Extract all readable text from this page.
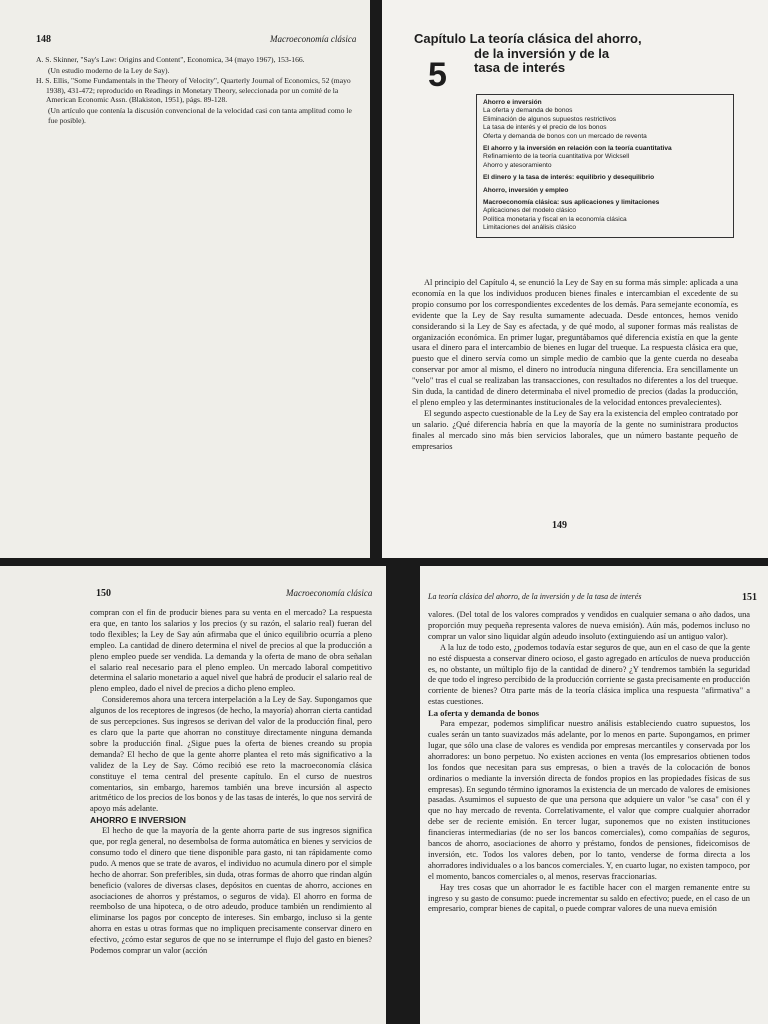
148	Macroeconomía clásica

A. S. Skinner, "Say's Law: Origins and Content", Economica, 34 (mayo 1967), 153-166.

(Un estudio moderno de la Ley de Say).

H. S. Ellis, "Some Fundamentals in the Theory of Velocity", Quarterly Journal of Economics, 52 (mayo 1938), 431-472; reproducido en Readings in Monetary Theory, seleccionada por un comité de la American Economic Assn. (Blakiston, 1951), págs. 89-128.

(Un artículo que contenía la discusión convencional de la velocidad casi con tanta amplitud como le fue posible).

Capítulo La teoría clásica del ahorro,
de la inversión y de la
tasa de interés
5
Ahorro e inversión
La oferta y demanda de bonos
Eliminación de algunos supuestos restrictivos
La tasa de interés y el precio de los bonos
Oferta y demanda de bonos con un mercado de reventa
El ahorro y la inversión en relación con la teoría cuantitativa
Refinamiento de la teoría cuantitativa por Wicksell
Ahorro y atesoramiento
El dinero y la tasa de interés: equilibrio y desequilibrio
Ahorro, inversión y empleo
Macroeconomía clásica: sus aplicaciones y limitaciones
Aplicaciones del modelo clásico
Política monetaria y fiscal en la economía clásica
Limitaciones del análisis clásico

Al principio del Capítulo 4, se enunció la Ley de Say en su forma más simple: aplicada a una economía en la que los individuos producen bienes finales e intercambian el excedente de su propio consumo por los correspondientes excedentes de los demás. Para semejante economía, es evidente que la Ley de Say resulta sumamente adecuada. Desde entonces, hemos venido considerando si la Ley de Say es afectada, y de qué modo, al suponer formas más realistas de organización económica. En primer lugar, preguntábamos qué diferencia existía en que la gente usara el dinero para el intercambio de bienes en lugar del trueque. La respuesta clásica era que, puesto que el dinero servía como un simple medio de cambio que la gente cuerda no deseaba conservar por amor al mismo, el dinero no introducía ninguna diferencia. Era sencillamente un "velo" tras el cual se realizaban las transacciones, con resultados no diferentes a los del trueque. Sin duda, la cantidad de dinero determinaba el nivel promedio de precios (dadas la producción, el pleno empleo y las determinantes institucionales de la velocidad entonces prevalecientes).

El segundo aspecto cuestionable de la Ley de Say era la existencia del empleo contratado por un salario. ¿Qué diferencia habría en que la mayoría de la gente no suministrara productos finales al mercado sino más bien servicios laborales, que un número bastante pequeño de empresarios

149
150	Macroeconomía clásica

compran con el fin de producir bienes para su venta en el mercado? La respuesta era que, en tanto los salarios y los precios (y su razón, el salario real) fueran del todo flexibles; la Ley de Say aún afirmaba que el único equilibrio ocurría a pleno empleo. La cantidad de dinero determina el nivel de precios al que la producción a pleno empleo puede ser vendida. La demanda y la oferta de mano de obra señalan el salario real necesario para el pleno empleo. Un mercado laboral competitivo determina el salario monetario a aquel nivel que habrá de producir el salario real de pleno empleo, dado el nivel de precios a dicho pleno empleo.

Consideremos ahora una tercera interpelación a la Ley de Say. Supongamos que algunos de los receptores de ingresos (de hecho, la mayoría) ahorran cierta cantidad de sus percepciones. Sus ingresos se derivan del valor de la producción final, pero es claro que la parte que ahorran no constituye directamente ninguna demanda sobre la producción final. ¿Sigue pues la oferta de bienes creando su propia demanda? El hecho de que la gente ahorre plantea el reto más significativo a la validez de la Ley de Say. Cómo recibió ese reto la macroeconomía clásica constituye el tema central del presente capítulo. En el curso de nuestros comentarios, sin embargo, haremos también una breve incursión al aspecto aritmético de los precios de los bonos y de las tasas de interés, lo que nos servirá de apoyo más adelante.

AHORRO E INVERSION

El hecho de que la mayoría de la gente ahorra parte de sus ingresos significa que, por regla general, no desembolsa de forma automática en bienes y servicios de consumo todo el dinero que tiene disponible para gasto, ni tan rápidamente como pudo. A menos que se trate de avaros, el individuo no acumula dinero por el simple hecho de ahorrar. Son preferibles, sin duda, otras formas de ahorro que rindan algún beneficio (valores de diversas clases, depósitos en cuentas de ahorro, acciones en asociaciones de ahorros y préstamos, o seguros de vida). El ahorro en forma de reembolso de una hipoteca, o de otro adeudo, produce también un rendimiento al eliminarse los pagos por concepto de intereses. Sin embargo, incluso si la gente ahorra en estas u otras formas que no impliquen precisamente conservar dinero en efectivo, ¿cómo estar seguros de que no se interrumpe el flujo del gasto en bienes? Podemos comprar un valor (acción

La teoría clásica del ahorro, de la inversión y de la tasa de interés	151

valores. (Del total de los valores comprados y vendidos en cualquier semana o año dados, una proporción muy pequeña representa valores de nueva emisión). Aún más, podemos incluso no comprar un valor sino liquidar algún adeudo insoluto (extinguiendo así un antiguo valor).

A la luz de todo esto, ¿podemos todavía estar seguros de que, aun en el caso de que la gente no esté dispuesta a conservar dinero ocioso, el gasto agregado en artículos de nueva producción es, no obstante, un múltiplo fijo de la cantidad de dinero? ¿Y tendremos también la seguridad de que todo el ingreso percibido de la producción corriente se gasta precisamente en producción corriente de bienes? Otra parte más de la teoría clásica implica una respuesta "afirmativa" a estas cuestiones.

La oferta y demanda de bonos

Para empezar, podemos simplificar nuestro análisis estableciendo cuatro supuestos, los cuales serán un tanto suavizados más adelante, por lo menos en parte. Supongamos, en primer lugar, que sólo una clase de valores es vendida por empresas mercantiles y conservada por los ahorradores: un bono perpetuo. No existen acciones en venta (los empresarios obtienen todos los fondos que necesitan para sus empresas, o bien a través de la colocación de bonos ordinarios o mediante la inversión directa de fondos propios en las propiedades físicas de sus empresas). En segundo término ignoramos la existencia de un mercado de valores de emisiones pasadas. Asumimos el supuesto de que una persona que adquiere un valor "se casa" con él y que no hay mercado de reventa. Correlativamente, el valor que compre cualquier ahorrador debe ser de reciente emisión. En tercer lugar, suponemos que no existen instituciones financieras intermediarias (de no ser los bancos comerciales), como compañías de seguros, bancos de ahorro, asociaciones de ahorro y préstamo, fondos de pensiones, fideicomisos de inversión, etc. Todos los valores deben, por lo tanto, venderse de forma directa a los ahorradores individuales o a los bancos comerciales. Y, en cuarto lugar, no existen tampoco, por el momento, bancos comerciales o, al menos, reservas fraccionarias.

Hay tres cosas que un ahorrador le es factible hacer con el margen remanente entre su ingreso y su gasto de consumo: puede incrementar su saldo en efectivo; puede, en el caso de un empresario, comprar bienes de capital, o puede comprar valores de una nueva emisión
